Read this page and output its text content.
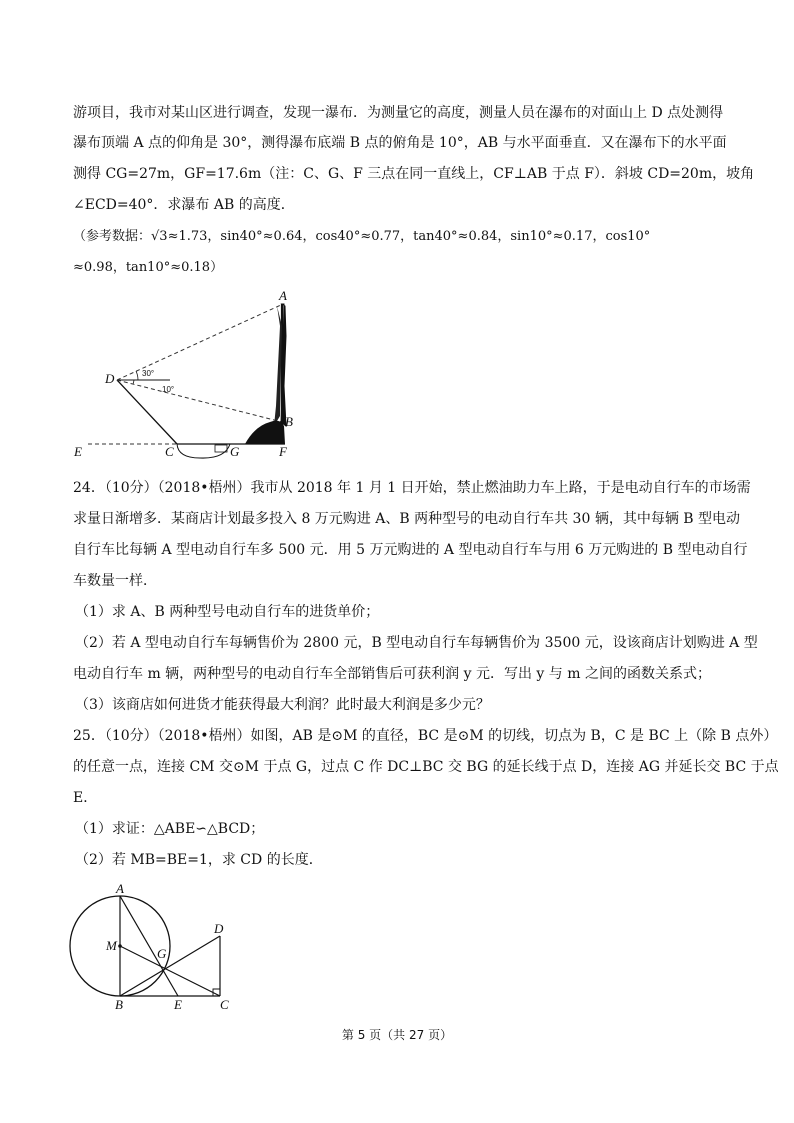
游项目，我市对某山区进行调查，发现一瀑布．为测量它的高度，测量人员在瀑布的对面山上 D 点处测得
瀑布顶端 A 点的仰角是 30°，测得瀑布底端 B 点的俯角是 10°，AB 与水平面垂直．又在瀑布下的水平面
测得 CG=27m，GF=17.6m（注：C、G、F 三点在同一直线上，CF⊥AB 于点 F）．斜坡 CD=20m，坡角
∠ECD=40°．求瀑布 AB 的高度．
（参考数据：√3≈1.73，sin40°≈0.64，cos40°≈0.77，tan40°≈0.84，sin10°≈0.17，cos10°
≈0.98，tan10°≈0.18）
A
D
B
E	C	G	F
30°
10°
24．（10分）（2018•梧州）我市从 2018 年 1 月 1 日开始，禁止燃油助力车上路，于是电动自行车的市场需
求量日渐增多．某商店计划最多投入 8 万元购进 A、B 两种型号的电动自行车共 30 辆，其中每辆 B 型电动
自行车比每辆 A 型电动自行车多 500 元．用 5 万元购进的 A 型电动自行车与用 6 万元购进的 B 型电动自行
车数量一样．
（1）求 A、B 两种型号电动自行车的进货单价；
（2）若 A 型电动自行车每辆售价为 2800 元，B 型电动自行车每辆售价为 3500 元，设该商店计划购进 A 型
电动自行车 m 辆，两种型号的电动自行车全部销售后可获利润 y 元．写出 y 与 m 之间的函数关系式；
（3）该商店如何进货才能获得最大利润？此时最大利润是多少元？
25．（10分）（2018•梧州）如图，AB 是⊙M 的直径，BC 是⊙M 的切线，切点为 B，C 是 BC 上（除 B 点外）
的任意一点，连接 CM 交⊙M 于点 G，过点 C 作 DC⊥BC 交 BG 的延长线于点 D，连接 AG 并延长交 BC 于点
E．
（1）求证：△ABE∽△BCD；
（2）若 MB=BE=1，求 CD 的长度．
A
M
G
D
B	E	C
第 5 页（共 27 页）
